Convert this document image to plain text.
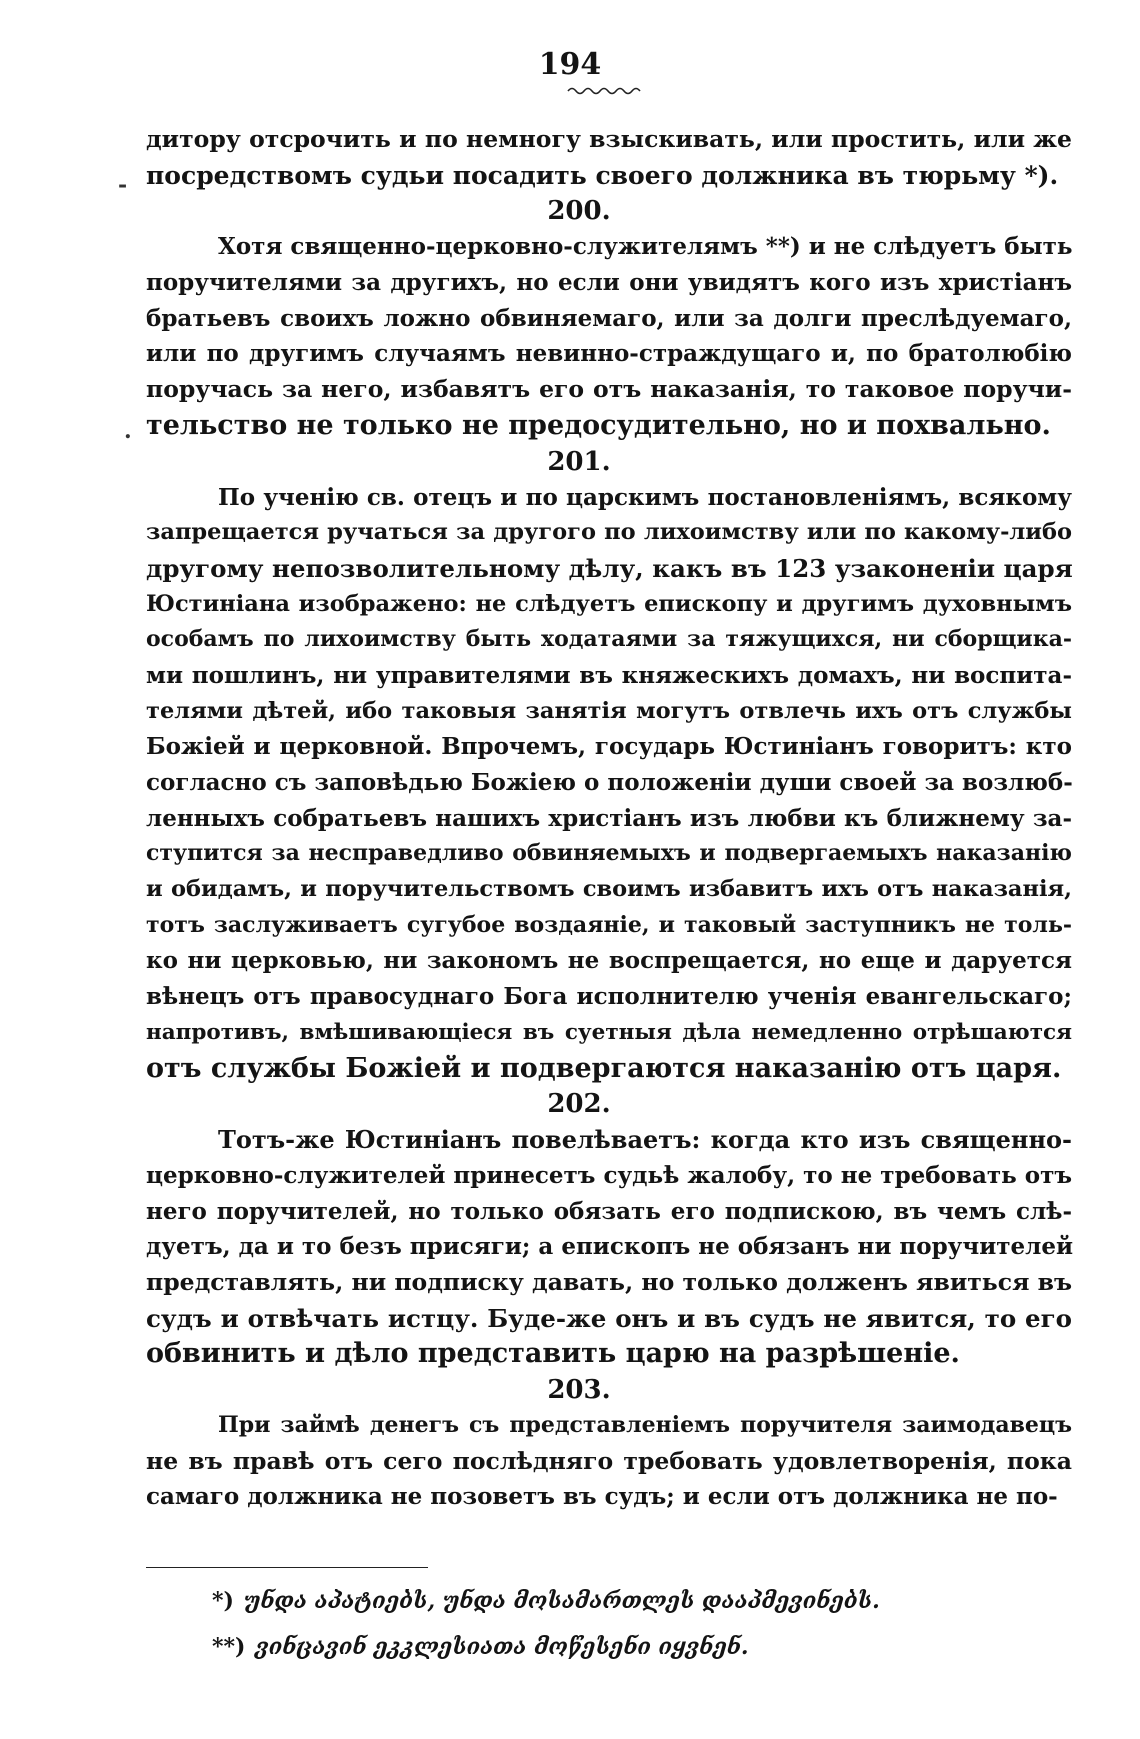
194
-
.
дитору отсрочить и по немногу взыскивать, или простить, или же
посредствомъ судьи посадить своего должника въ тюрьму *).
200.
Хотя священно-церковно-служителямъ **) и не слѣдуетъ быть
поручителями за другихъ, но если они увидятъ кого изъ христіанъ
братьевъ своихъ ложно обвиняемаго, или за долги преслѣдуемаго,
или по другимъ случаямъ невинно-страждущаго и, по братолюбію
поручась за него, избавятъ его отъ наказанія, то таковое поручи-
тельство не только не предосудительно, но и похвально.
201.
По ученію св. отецъ и по царскимъ постановленіямъ, всякому
запрещается ручаться за другого по лихоимству или по какому-либо
другому непозволительному дѣлу, какъ въ 123 узаконеніи царя
Юстиніана изображено: не слѣдуетъ епископу и другимъ духовнымъ
особамъ по лихоимству быть ходатаями за тяжущихся, ни сборщика-
ми пошлинъ, ни управителями въ княжескихъ домахъ, ни воспита-
телями дѣтей, ибо таковыя занятія могутъ отвлечь ихъ отъ службы
Божіей и церковной. Впрочемъ, государь Юстиніанъ говоритъ: кто
согласно съ заповѣдью Божіею о положеніи души своей за возлюб-
ленныхъ собратьевъ нашихъ христіанъ изъ любви къ ближнему за-
ступится за несправедливо обвиняемыхъ и подвергаемыхъ наказанію
и обидамъ, и поручительствомъ своимъ избавитъ ихъ отъ наказанія,
тотъ заслуживаетъ сугубое воздаяніе, и таковый заступникъ не толь-
ко ни церковью, ни закономъ не воспрещается, но еще и даруется
вѣнецъ отъ правосуднаго Бога исполнителю ученія евангельскаго;
напротивъ, вмѣшивающіеся въ суетныя дѣла немедленно отрѣшаются
отъ службы Божіей и подвергаются наказанію отъ царя.
202.
Тотъ-же Юстиніанъ повелѣваетъ: когда кто изъ священно-
церковно-служителей принесетъ судьѣ жалобу, то не требовать отъ
него поручителей, но только обязать его подпискою, въ чемъ слѣ-
дуетъ, да и то безъ присяги; а епископъ не обязанъ ни поручителей
представлять, ни подписку давать, но только долженъ явиться въ
судъ и отвѣчать истцу. Буде-же онъ и въ судъ не явится, то его
обвинить и дѣло представить царю на разрѣшеніе.
203.
При займѣ денегъ съ представленіемъ поручителя заимодавецъ
не въ правѣ отъ сего послѣдняго требовать удовлетворенія, пока
самаго должника не позоветъ въ судъ; и если отъ должника не по-
*) უნდა აპატიებს, უნდა მოსამართლეს დააპმევინებს.
**) ვინცავინ ეკკლესიათა მოწესენი იყვნენ.
